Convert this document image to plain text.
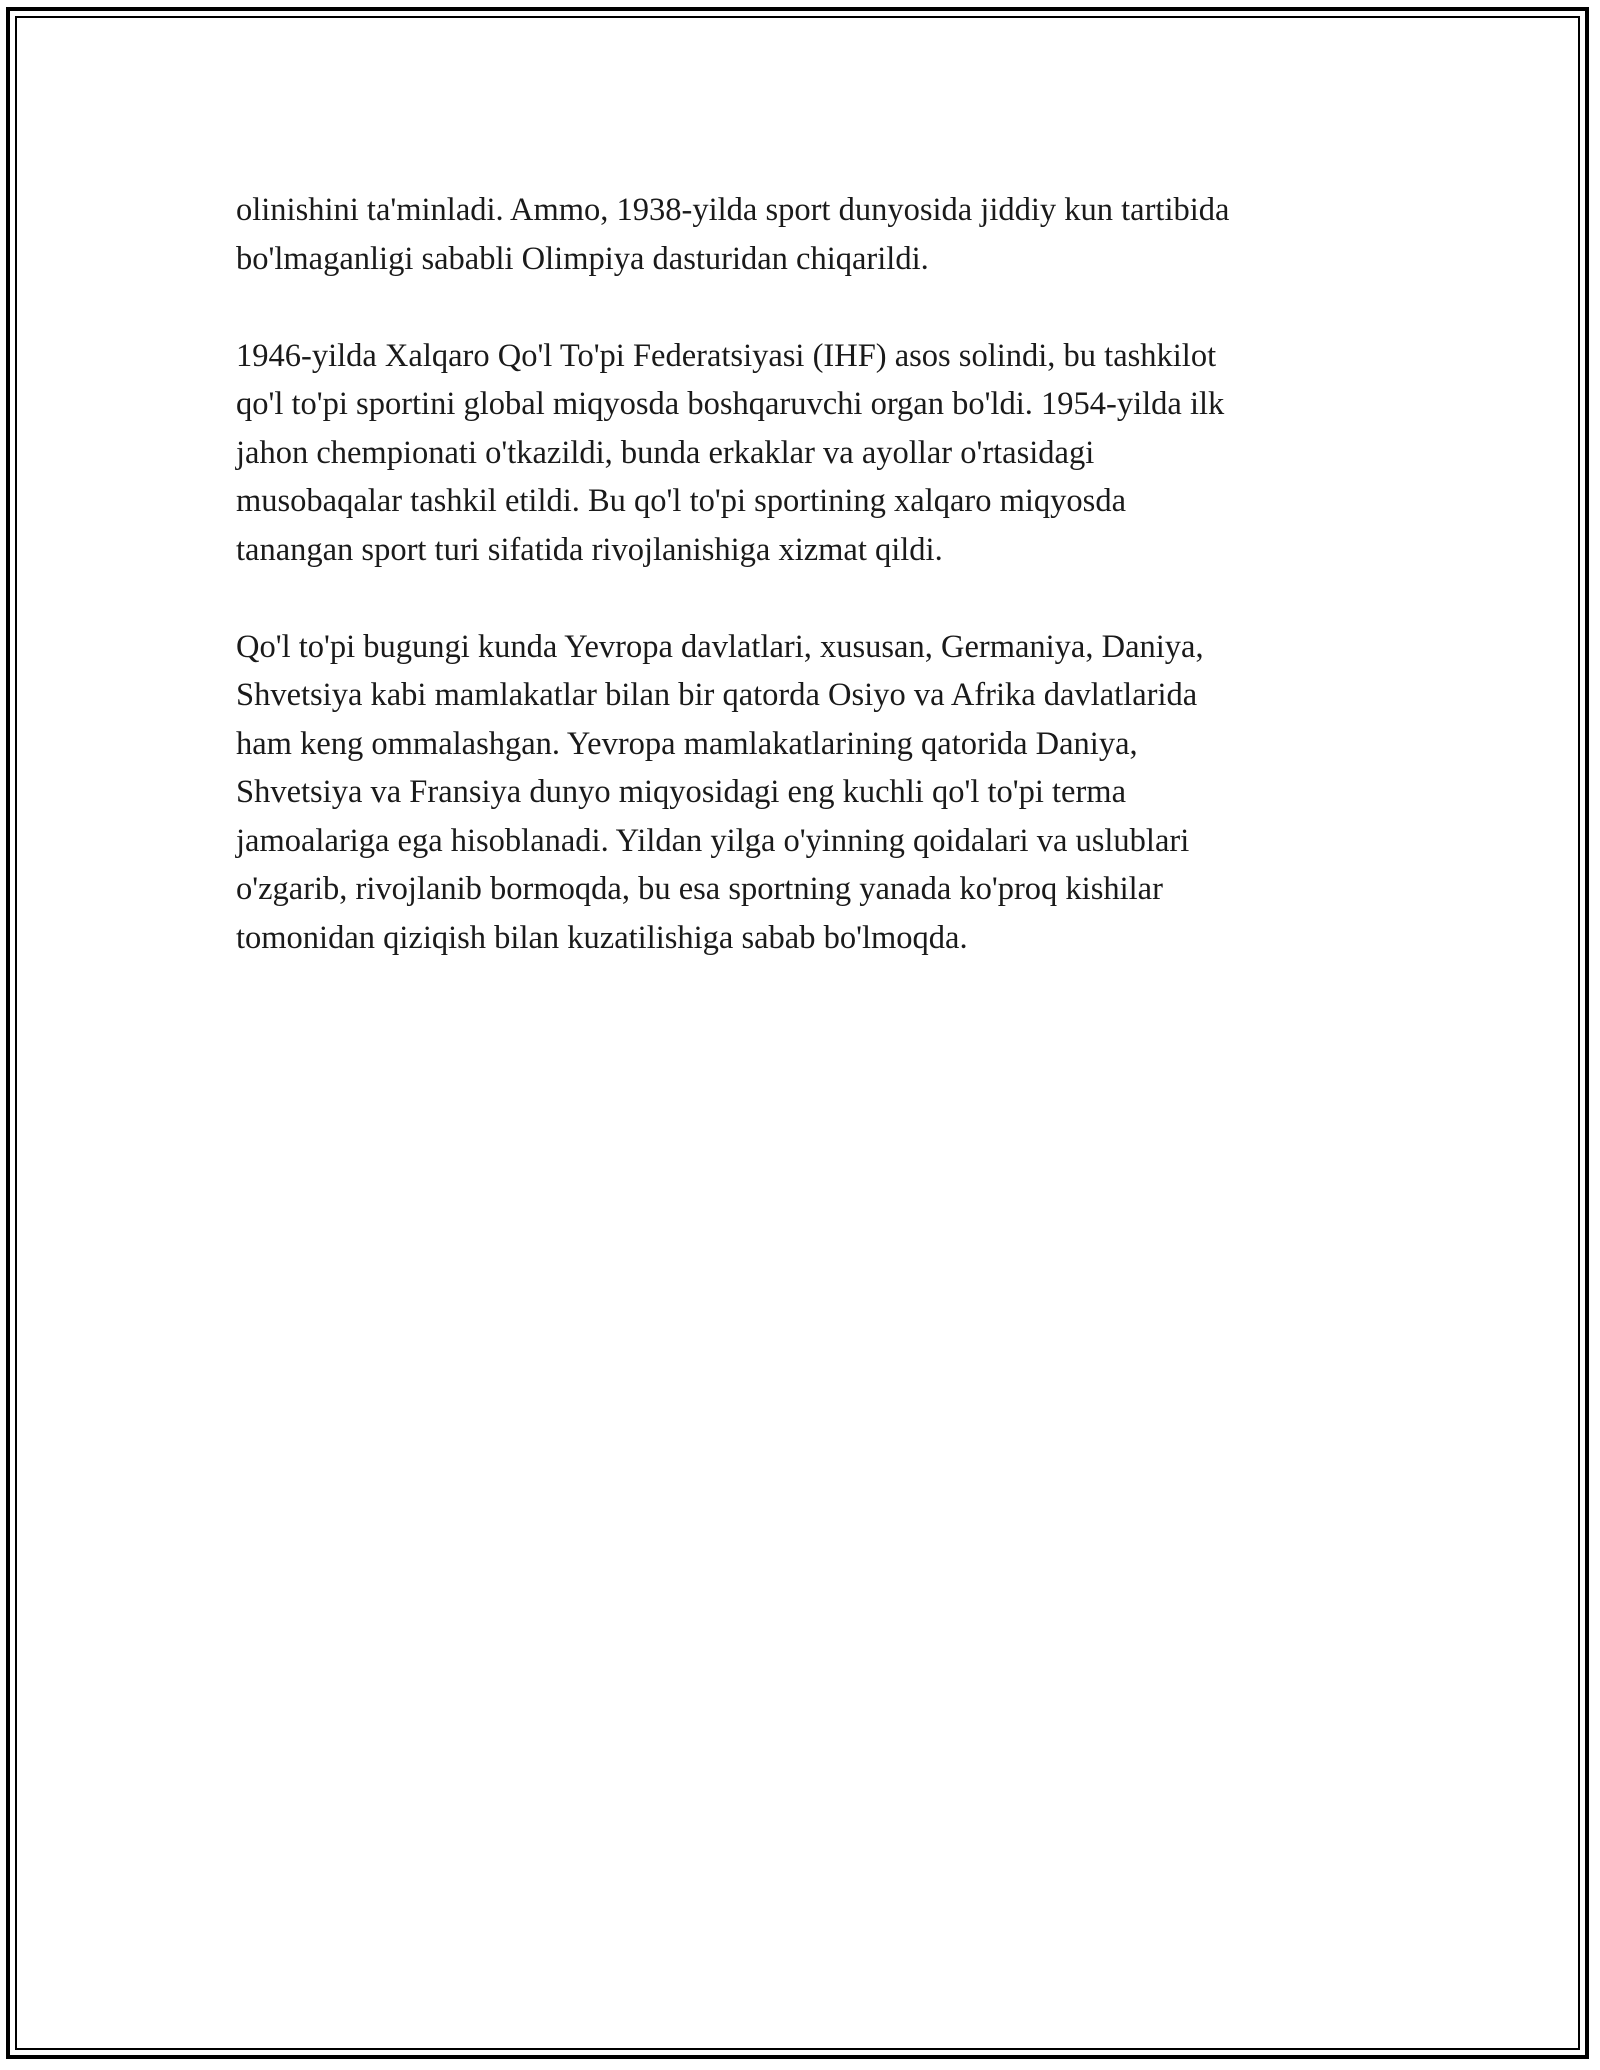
olinishini ta'minladi. Ammo, 1938-yilda sport dunyosida jiddiy kun tartibida
bo'lmaganligi sababli Olimpiya dasturidan chiqarildi.

1946-yilda Xalqaro Qo'l To'pi Federatsiyasi (IHF) asos solindi, bu tashkilot
qo'l to'pi sportini global miqyosda boshqaruvchi organ bo'ldi. 1954-yilda ilk
jahon chempionati o'tkazildi, bunda erkaklar va ayollar o'rtasidagi
musobaqalar tashkil etildi. Bu qo'l to'pi sportining xalqaro miqyosda
tanangan sport turi sifatida rivojlanishiga xizmat qildi.

Qo'l to'pi bugungi kunda Yevropa davlatlari, xususan, Germaniya, Daniya,
Shvetsiya kabi mamlakatlar bilan bir qatorda Osiyo va Afrika davlatlarida
ham keng ommalashgan. Yevropa mamlakatlarining qatorida Daniya,
Shvetsiya va Fransiya dunyo miqyosidagi eng kuchli qo'l to'pi terma
jamoalariga ega hisoblanadi. Yildan yilga o'yinning qoidalari va uslublari
o'zgarib, rivojlanib bormoqda, bu esa sportning yanada ko'proq kishilar
tomonidan qiziqish bilan kuzatilishiga sabab bo'lmoqda.
